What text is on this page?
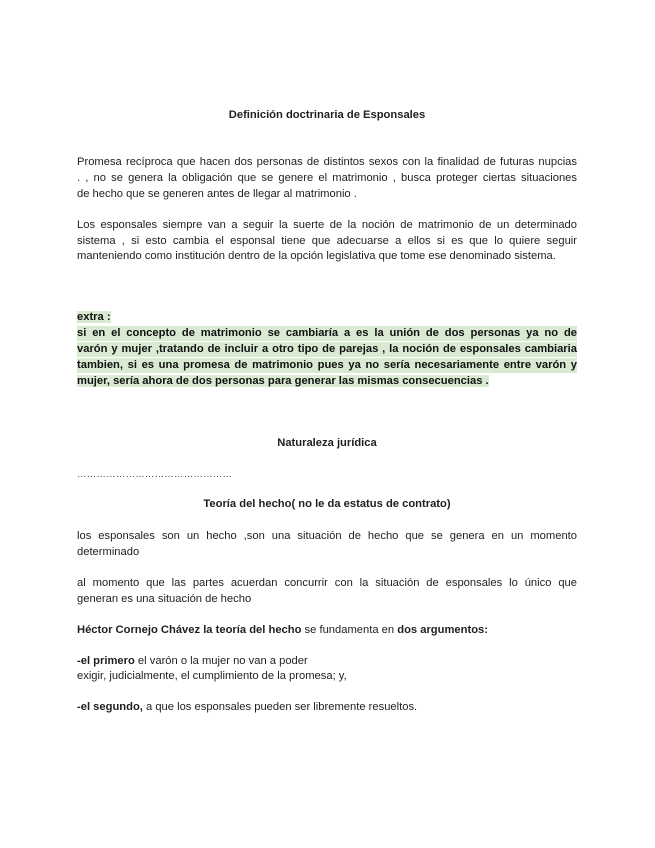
Definición doctrinaria de Esponsales

Promesa recíproca que hacen dos personas de distintos sexos con la finalidad de futuras nupcias

. , no se genera la obligación que se genere el matrimonio , busca proteger ciertas situaciones

de hecho que se generen antes de llegar al matrimonio .

Los esponsales siempre van a seguir la suerte de la noción de matrimonio de un determinado

sistema , si esto cambia el esponsal tiene que adecuarse a ellos si es que lo quiere seguir

manteniendo como institución dentro de la opción legislativa que tome ese denominado sistema.

extra :

si en el concepto de matrimonio se cambiaría a es la unión de dos personas ya no de

varón y mujer ,tratando de incluir a otro tipo de parejas , la noción de esponsales cambiaria

tambien, si es una promesa de matrimonio pues ya no sería necesariamente entre varón y

mujer, sería ahora de dos personas para generar las mismas consecuencias .

Naturaleza jurídica

…………………………………………

Teoría del hecho( no le da estatus de contrato)

los esponsales son un hecho ,son una situación de hecho que se genera en un momento

determinado

al momento que las partes acuerdan concurrir con la situación de esponsales lo único que

generan es una situación de hecho

Héctor Cornejo Chávez la teoría del hecho se fundamenta en dos argumentos:

-el primero el varón o la mujer no van a poder

exigir, judicialmente, el cumplimiento de la promesa; y,

-el segundo, a que los esponsales pueden ser libremente resueltos.
